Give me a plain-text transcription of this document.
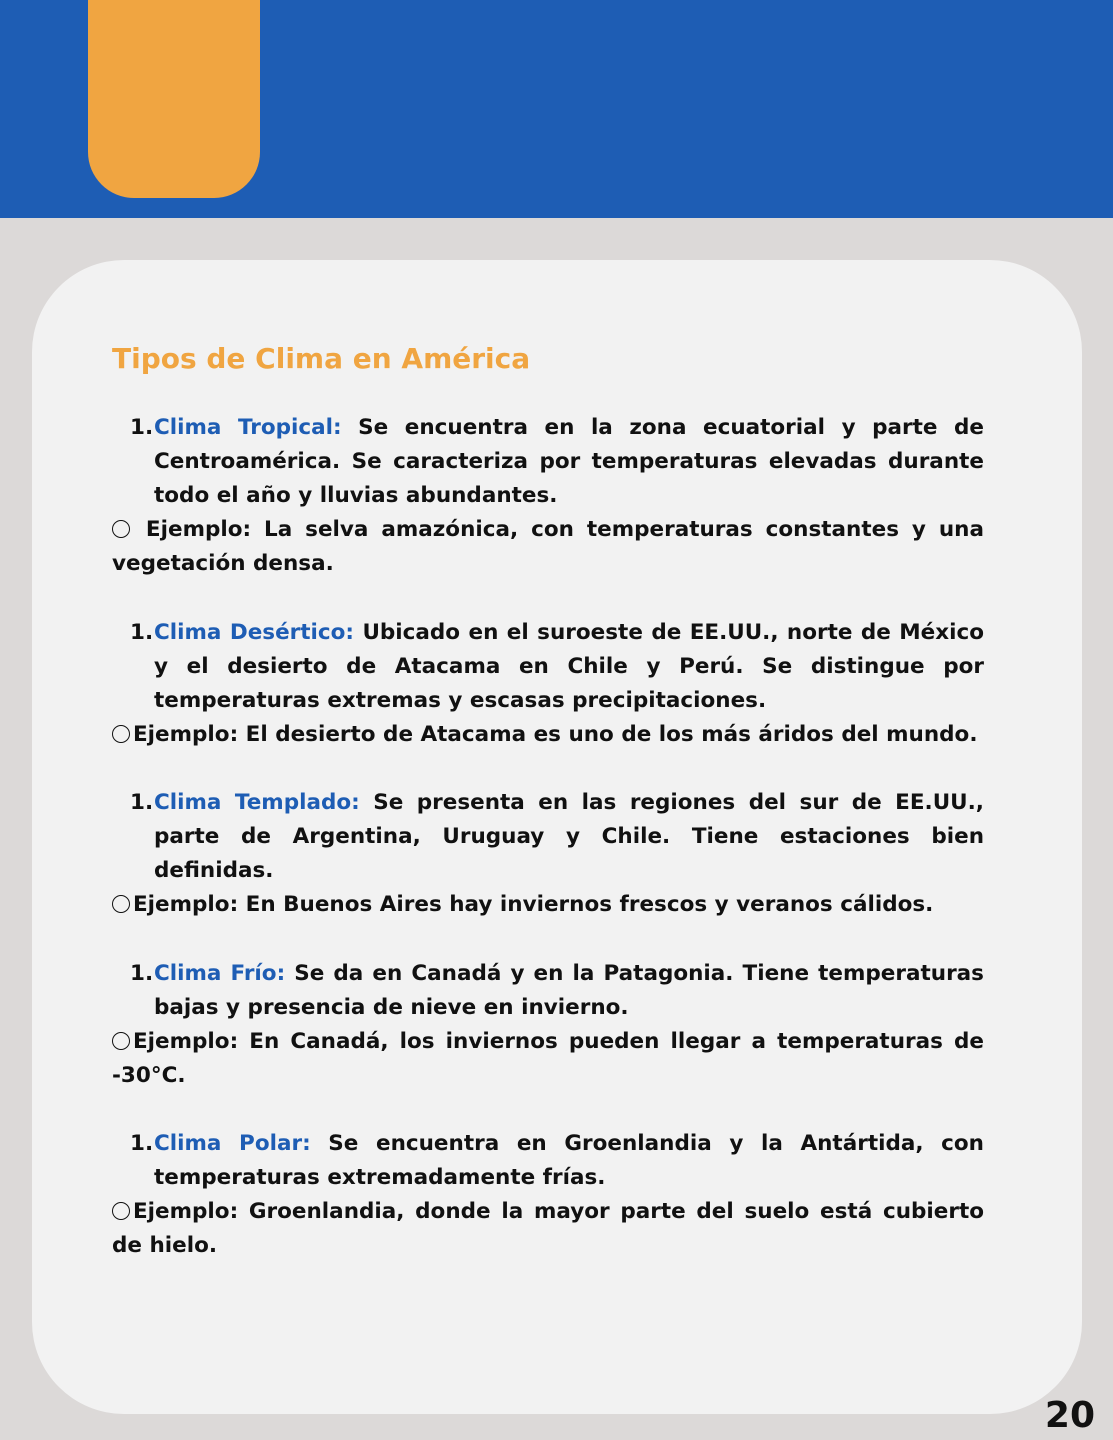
Tipos de Clima en América
1. Clima Tropical: Se encuentra en la zona ecuatorial y parte de Centroamérica. Se caracteriza por temperaturas elevadas durante todo el año y lluvias abundantes.
Ejemplo: La selva amazónica, con temperaturas constantes y una vegetación densa.
1. Clima Desértico: Ubicado en el suroeste de EE.UU., norte de México y el desierto de Atacama en Chile y Perú. Se distingue por temperaturas extremas y escasas precipitaciones.
Ejemplo: El desierto de Atacama es uno de los más áridos del mundo.
1. Clima Templado: Se presenta en las regiones del sur de EE.UU., parte de Argentina, Uruguay y Chile. Tiene estaciones bien definidas.
Ejemplo: En Buenos Aires hay inviernos frescos y veranos cálidos.
1. Clima Frío: Se da en Canadá y en la Patagonia. Tiene temperaturas bajas y presencia de nieve en invierno.
Ejemplo: En Canadá, los inviernos pueden llegar a temperaturas de -30°C.
1. Clima Polar: Se encuentra en Groenlandia y la Antártida, con temperaturas extremadamente frías.
Ejemplo: Groenlandia, donde la mayor parte del suelo está cubierto de hielo.
20
